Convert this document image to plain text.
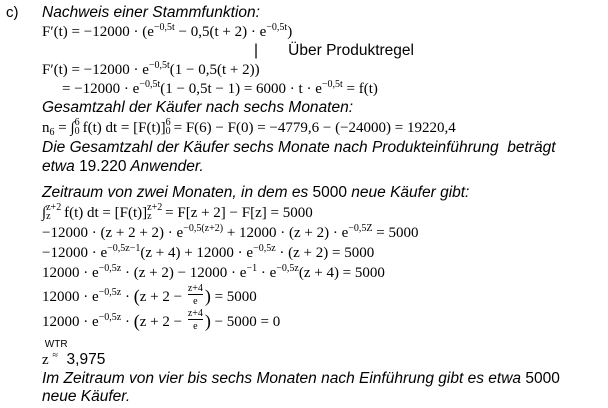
c) Nachweis einer Stammfunktion:
$F'(t) = -12000 \cdot (e^{-0,5t} - 0,5(t + 2) \cdot e^{-0,5t})$
|       Über Produktregel
$F'(t) = -12000 \cdot e^{-0,5t}(1 - 0,5(t + 2))$
= $-12000 \cdot e^{-0,5t}(1 - 0,5t - 1) = 6000 \cdot t \cdot e^{-0,5t} = f(t)$
Gesamtzahl der Käufer nach sechs Monaten:
$n_6$ = ∫ 6
0 f(t) dt = [F(t)] 6
0 = F(6) − F(0) = −4779,6 − (−24000) = 19220,4
Die Gesamtzahl der Käufer sechs Monate nach Produkteinführung  beträgt
etwa 19.220 Anwender.
Zeitraum von zwei Monaten, in dem es 5000 neue Käufer gibt:
∫ z+2
z f(t) dt = [F(t)] z+2
z = F[z + 2] − F[z] = 5000
$-12000 \cdot (z + 2 + 2) \cdot e^{-0,5(z+2)} + 12000 \cdot (z + 2) \cdot e^{-0,5Z} = 5000$
$-12000 \cdot e^{-0,5z-1}(z + 4) + 12000 \cdot e^{-0,5z} \cdot (z + 2) = 5000$
$12000 \cdot e^{-0,5z} \cdot (z + 2) - 12000 \cdot e^{-1} \cdot e^{-0,5z}(z + 4) = 5000$
$12000 \cdot e^{-0,5z} \cdot (z + 2 - \frac{z+4}{e}$ ) = 5000
$12000 \cdot e^{-0,5z} \cdot (z + 2 - \frac{z+4}{e}$ ) − 5000 = 0
WTR
z ≈  3,975
Im Zeitraum von vier bis sechs Monaten nach Einführung gibt es etwa 5000
neue Käufer.
